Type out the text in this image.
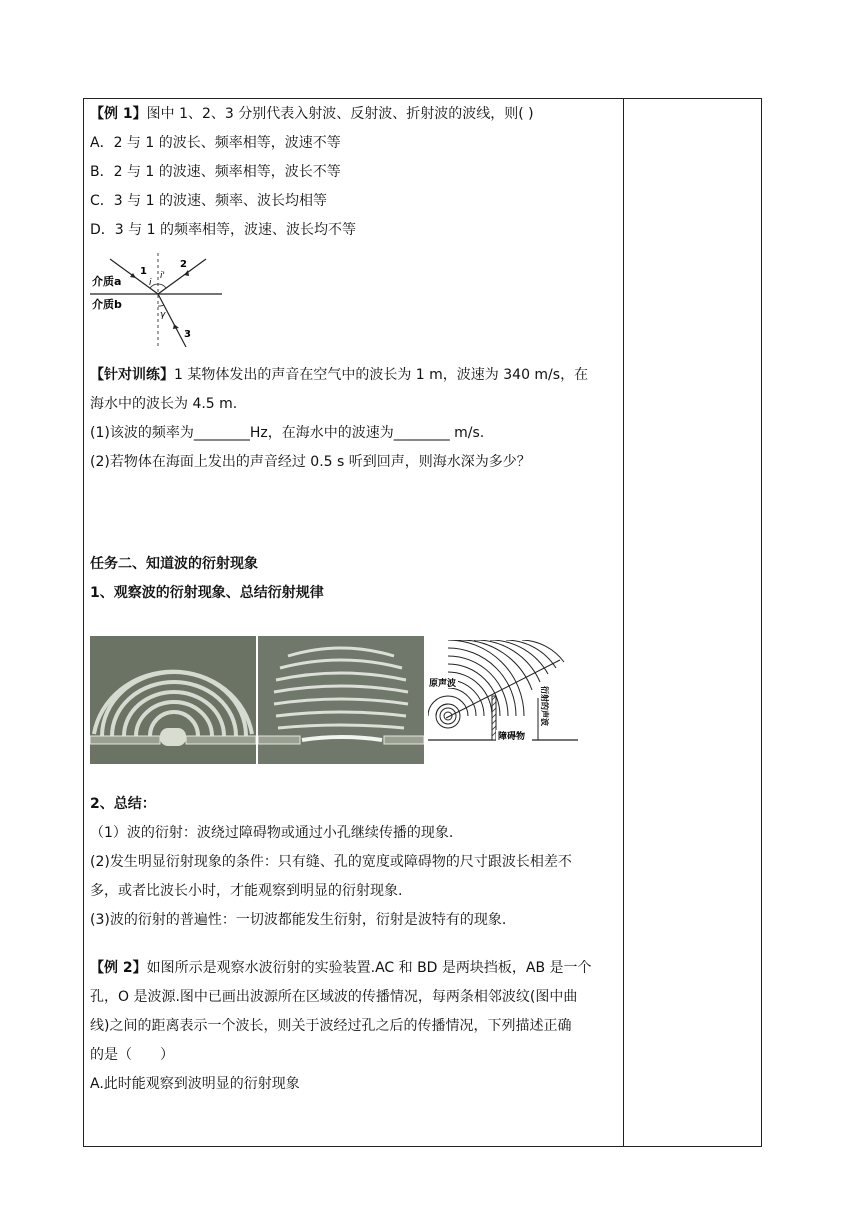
【例 1】图中 1、2、3 分别代表入射波、反射波、折射波的波线，则( )
A．2 与 1 的波长、频率相等，波速不等
B．2 与 1 的波速、频率相等，波长不等
C．3 与 1 的波速、频率、波长均相等
D．3 与 1 的频率相等，波速、波长均不等
介质a
介质b
1
2
3
i
i'
γ
【针对训练】1 某物体发出的声音在空气中的波长为 1 m，波速为 340 m/s，在
海水中的波长为 4.5 m.
(1)该波的频率为________Hz，在海水中的波速为________ m/s.
(2)若物体在海面上发出的声音经过 0.5 s 听到回声，则海水深为多少？
任务二、知道波的衍射现象
1、观察波的衍射现象、总结衍射规律
原声波
障碍物
衍射的声波
2、总结：
（1）波的衍射：波绕过障碍物或通过小孔继续传播的现象.
(2)发生明显衍射现象的条件：只有缝、孔的宽度或障碍物的尺寸跟波长相差不
多，或者比波长小时，才能观察到明显的衍射现象.
(3)波的衍射的普遍性：一切波都能发生衍射，衍射是波特有的现象.
【例 2】如图所示是观察水波衍射的实验装置.AC 和 BD 是两块挡板，AB 是一个
孔，O 是波源.图中已画出波源所在区域波的传播情况，每两条相邻波纹(图中曲
线)之间的距离表示一个波长，则关于波经过孔之后的传播情况，下列描述正确
的是（　　）
A.此时能观察到波明显的衍射现象
